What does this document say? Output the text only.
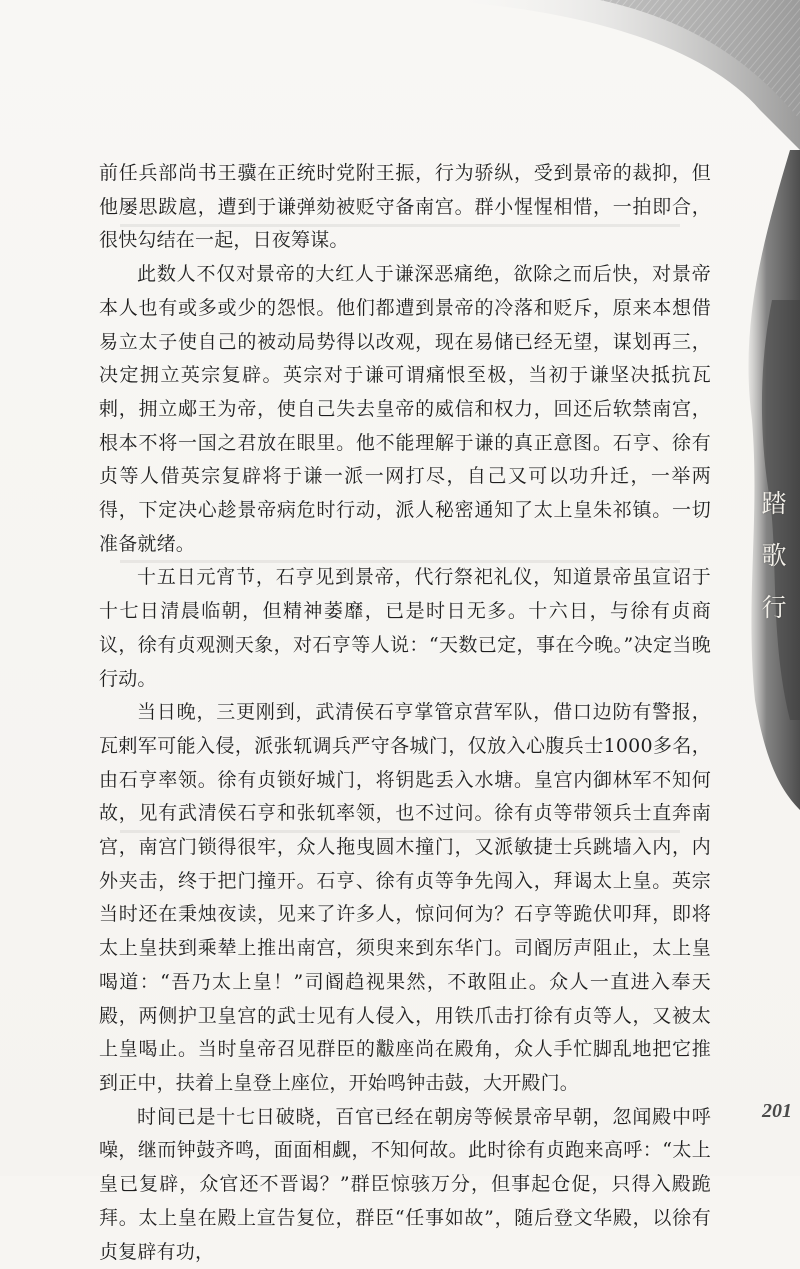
前任兵部尚书王骥在正统时党附王振，行为骄纵，受到景帝的裁抑，但他屡思跋扈，遭到于谦弹劾被贬守备南宫。群小惺惺相惜，一拍即合，很快勾结在一起，日夜筹谋。

此数人不仅对景帝的大红人于谦深恶痛绝，欲除之而后快，对景帝本人也有或多或少的怨恨。他们都遭到景帝的冷落和贬斥，原来本想借易立太子使自己的被动局势得以改观，现在易储已经无望，谋划再三，决定拥立英宗复辟。英宗对于谦可谓痛恨至极，当初于谦坚决抵抗瓦剌，拥立郕王为帝，使自己失去皇帝的威信和权力，回还后软禁南宫，根本不将一国之君放在眼里。他不能理解于谦的真正意图。石亨、徐有贞等人借英宗复辟将于谦一派一网打尽，自己又可以功升迁，一举两得，下定决心趁景帝病危时行动，派人秘密通知了太上皇朱祁镇。一切准备就绪。

十五日元宵节，石亨见到景帝，代行祭祀礼仪，知道景帝虽宣诏于十七日清晨临朝，但精神萎靡，已是时日无多。十六日，与徐有贞商议，徐有贞观测天象，对石亨等人说：“天数已定，事在今晚。”决定当晚行动。

当日晚，三更刚到，武清侯石亨掌管京营军队，借口边防有警报，瓦剌军可能入侵，派张𫐄调兵严守各城门，仅放入心腹兵士1000多名，由石亨率领。徐有贞锁好城门，将钥匙丢入水塘。皇宫内御林军不知何故，见有武清侯石亨和张𫐄率领，也不过问。徐有贞等带领兵士直奔南宫，南宫门锁得很牢，众人拖曳圆木撞门，又派敏捷士兵跳墙入内，内外夹击，终于把门撞开。石亨、徐有贞等争先闯入，拜谒太上皇。英宗当时还在秉烛夜读，见来了许多人，惊问何为？石亨等跪伏叩拜，即将太上皇扶到乘辇上推出南宫，须臾来到东华门。司阍厉声阻止，太上皇喝道：“吾乃太上皇！”司阍趋视果然，不敢阻止。众人一直进入奉天殿，两侧护卫皇宫的武士见有人侵入，用铁爪击打徐有贞等人，又被太上皇喝止。当时皇帝召见群臣的黻座尚在殿角，众人手忙脚乱地把它推到正中，扶着上皇登上座位，开始鸣钟击鼓，大开殿门。

时间已是十七日破晓，百官已经在朝房等候景帝早朝，忽闻殿中呼噪，继而钟鼓齐鸣，面面相觑，不知何故。此时徐有贞跑来高呼：“太上皇已复辟，众官还不晋谒？”群臣惊骇万分，但事起仓促，只得入殿跪拜。太上皇在殿上宣告复位，群臣“任事如故”，随后登文华殿，以徐有贞复辟有功，

踏
歌
行
201
